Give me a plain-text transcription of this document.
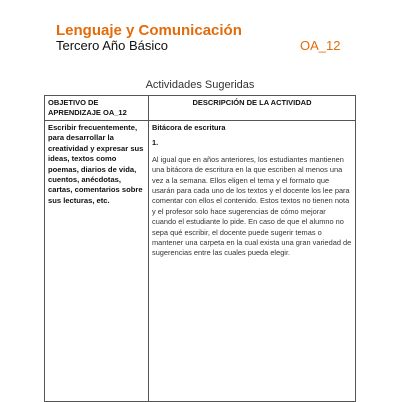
Lenguaje y Comunicación
Tercero Año Básico	OA_12
Actividades Sugeridas
OBJETIVO DE APRENDIZAJE OA_12	DESCRIPCIÓN DE LA ACTIVIDAD
Escribir frecuentemente, para desarrollar la creatividad y expresar sus ideas, textos como poemas, diarios de vida, cuentos, anécdotas, cartas, comentarios sobre sus lecturas, etc.	Bitácora de escritura
1.
Al igual que en años anteriores, los estudiantes mantienen una bitácora de escritura en la que escriben al menos una vez a la semana. Ellos eligen el tema y el formato que usarán para cada uno de los textos y el docente los lee para comentar con ellos el contenido. Estos textos no tienen nota y el profesor solo hace sugerencias de cómo mejorar cuando el estudiante lo pide. En caso de que el alumno no sepa qué escribir, el docente puede sugerir temas o mantener una carpeta en la cual exista una gran variedad de sugerencias entre las cuales pueda elegir.
